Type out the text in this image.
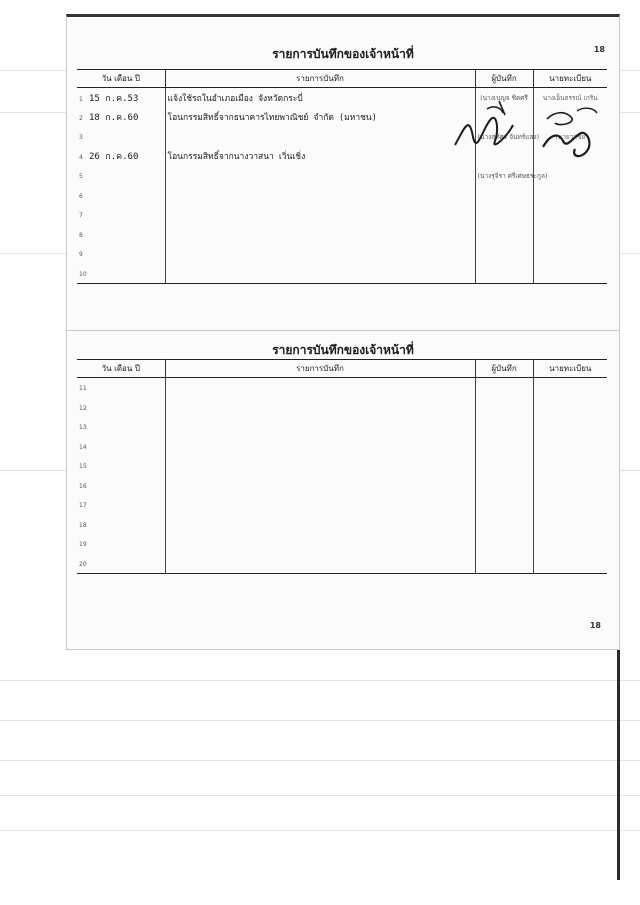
18
รายการบันทึกของเจ้าหน้าที่
วัน เดือน ปี	รายการบันทึก	ผู้บันทึก	นายทะเบียน
1 15 ก.ค.53	แจ้งใช้รถในอำเภอเมือง จังหวัดกระบี่	(นางเบญจ ชิดศรี	นางเอ็นธรรณ์ เกริน
2 18 ก.ค.60	โอนกรรมสิทธิ์จากธนาคารไทยพาณิชย์ จำกัด (มหาชน)		
3		(นางสุทัศร จันทร์แสง)	(นายวาชัย
4 26 ก.ค.60	โอนกรรมสิทธิ์จากนางวาสนา เวิ่นเชิ่ง		
5		(นางรุจิรา ศรีเศษธระกูล)	
6			
7			
8			
9			
10			
รายการบันทึกของเจ้าหน้าที่
18
วัน เดือน ปี	รายการบันทึก	ผู้บันทึก	นายทะเบียน
11			
12			
13			
14			
15			
16			
17			
18			
19			
20			
